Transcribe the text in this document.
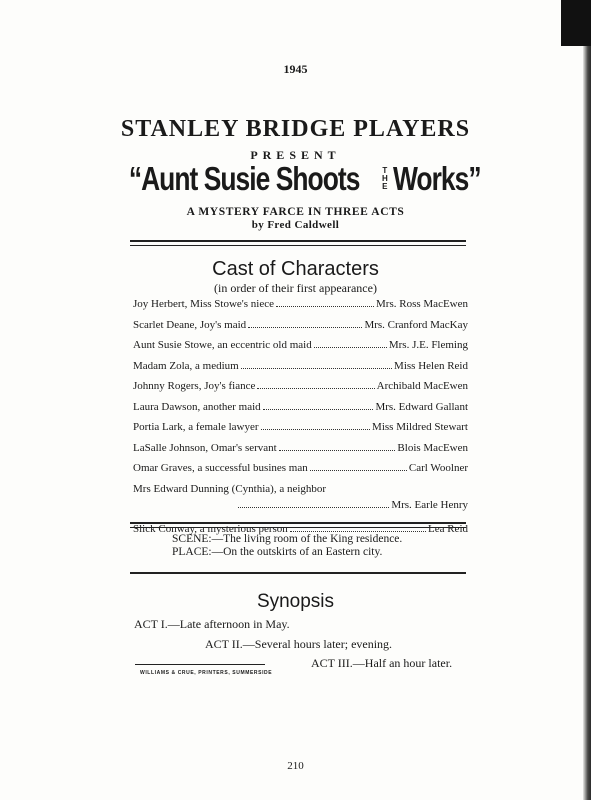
1945
STANLEY BRIDGE PLAYERS
PRESENT
“Aunt Susie Shoots	T
H
E Works”
A MYSTERY FARCE IN THREE ACTS
by Fred Caldwell
Cast of Characters
(in order of their first appearance)
Joy Herbert, Miss Stowe's niece	Mrs. Ross MacEwen
Scarlet Deane, Joy's maid	Mrs. Cranford MacKay
Aunt Susie Stowe, an eccentric old maid	Mrs. J.E. Fleming
Madam Zola, a medium	Miss Helen Reid
Johnny Rogers, Joy's fiance	Archibald MacEwen
Laura Dawson, another maid	Mrs. Edward Gallant
Portia Lark, a female lawyer	Miss Mildred Stewart
LaSalle Johnson, Omar's servant	Blois MacEwen
Omar Graves, a successful busines man	Carl Woolner
Mrs Edward Dunning (Cynthia), a neighbor
Mrs. Earle Henry
Slick Conway, a mysterious person	Lea Reid
SCENE:—The living room of the King residence.
PLACE:—On the outskirts of an Eastern city.
Synopsis
ACT I.—Late afternoon in May.
ACT II.—Several hours later; evening.
ACT III.—Half an hour later.
WILLIAMS & CRUE, PRINTERS, SUMMERSIDE
210
